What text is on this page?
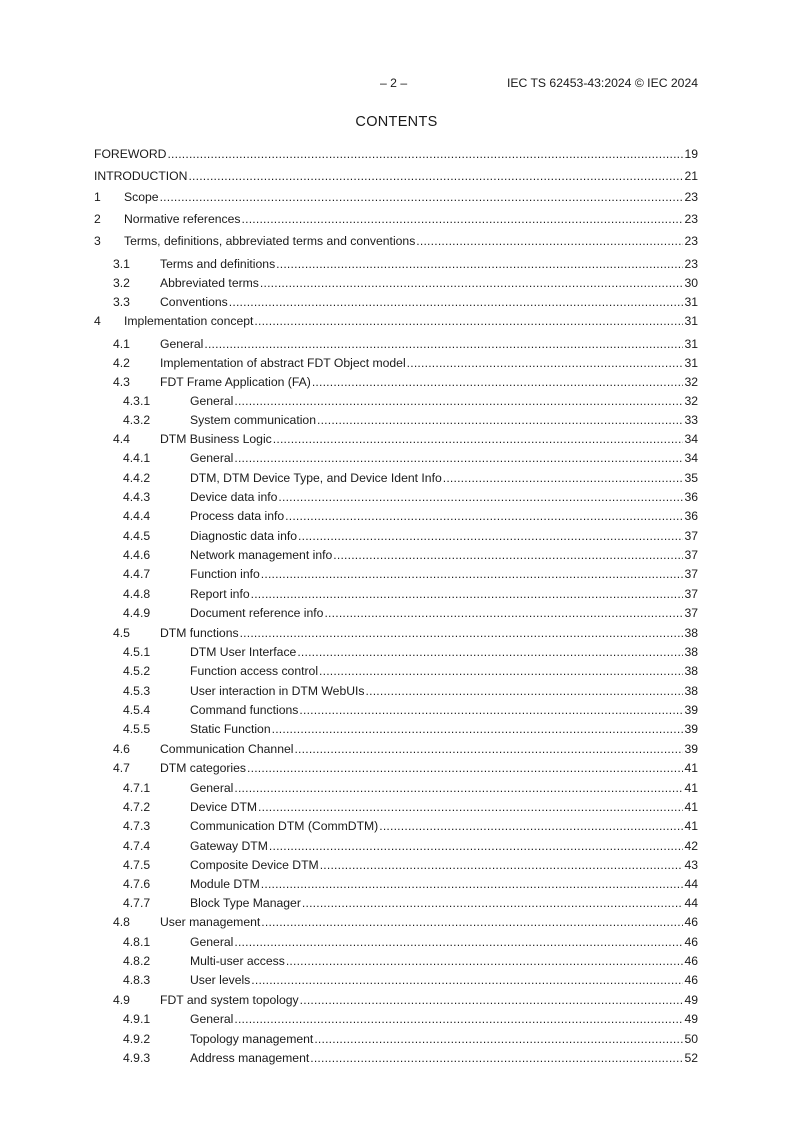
– 2 –	IEC TS 62453-43:2024 © IEC 2024
CONTENTS
FOREWORD .....	19
INTRODUCTION .....	21
1	Scope .....	23
2	Normative references .....	23
3	Terms, definitions, abbreviated terms and conventions .....	23
3.1	Terms and definitions .....	23
3.2	Abbreviated terms .....	30
3.3	Conventions .....	31
4	Implementation concept .....	31
4.1	General .....	31
4.2	Implementation of abstract FDT Object model .....	31
4.3	FDT Frame Application (FA) .....	32
4.3.1	General .....	32
4.3.2	System communication .....	33
4.4	DTM Business Logic .....	34
4.4.1	General .....	34
4.4.2	DTM, DTM Device Type, and Device Ident Info .....	35
4.4.3	Device data info .....	36
4.4.4	Process data info .....	36
4.4.5	Diagnostic data info .....	37
4.4.6	Network management info .....	37
4.4.7	Function info .....	37
4.4.8	Report info .....	37
4.4.9	Document reference info .....	37
4.5	DTM functions .....	38
4.5.1	DTM User Interface .....	38
4.5.2	Function access control .....	38
4.5.3	User interaction in DTM WebUIs .....	38
4.5.4	Command functions .....	39
4.5.5	Static Function .....	39
4.6	Communication Channel .....	39
4.7	DTM categories .....	41
4.7.1	General .....	41
4.7.2	Device DTM .....	41
4.7.3	Communication DTM (CommDTM) .....	41
4.7.4	Gateway DTM .....	42
4.7.5	Composite Device DTM .....	43
4.7.6	Module DTM .....	44
4.7.7	Block Type Manager .....	44
4.8	User management .....	46
4.8.1	General .....	46
4.8.2	Multi-user access .....	46
4.8.3	User levels .....	46
4.9	FDT and system topology .....	49
4.9.1	General .....	49
4.9.2	Topology management .....	50
4.9.3	Address management .....	52
